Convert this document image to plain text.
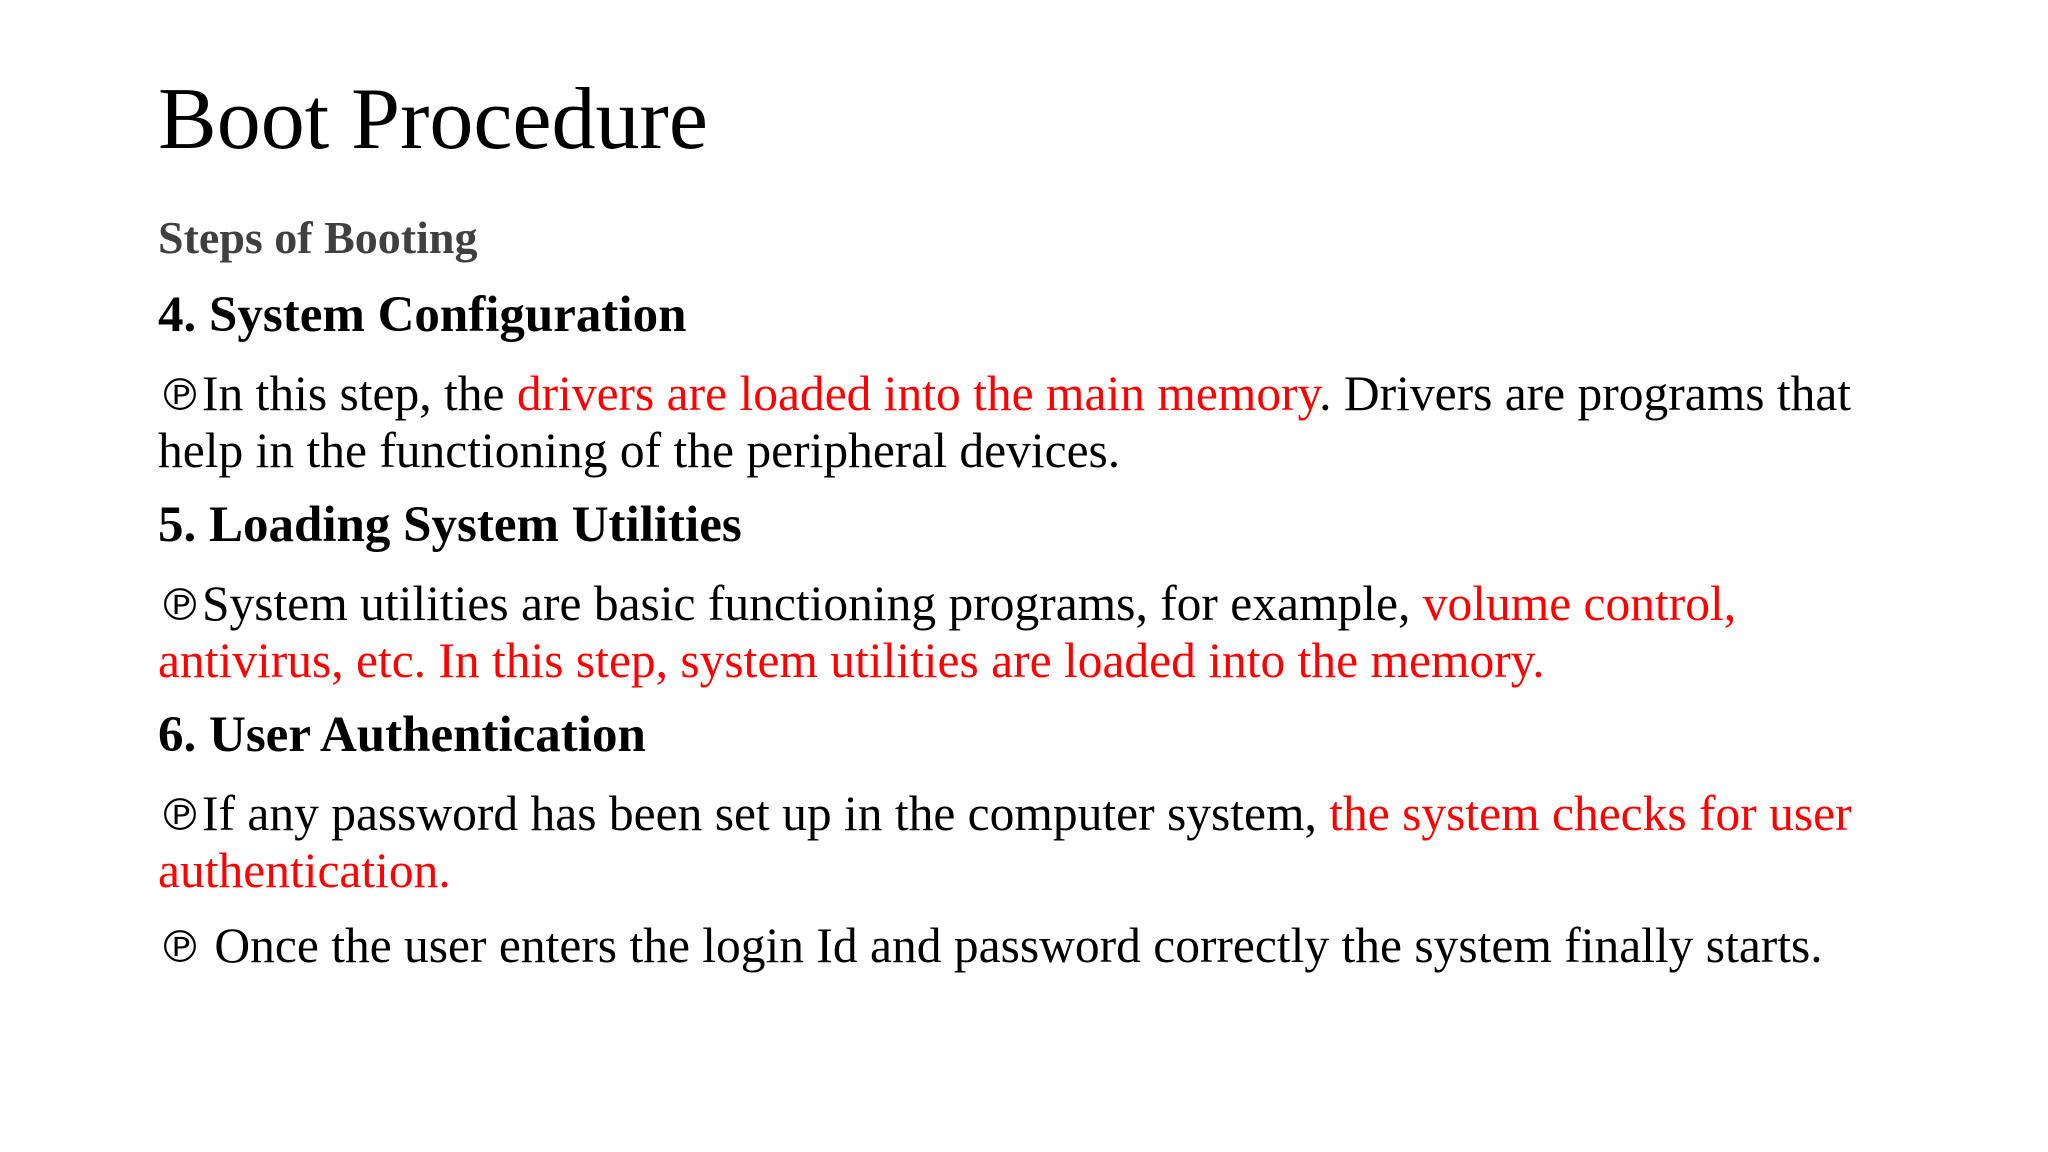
Boot Procedure
Steps of Booting
4. System Configuration

℗In this step, the drivers are loaded into the main memory. Drivers are programs that help in the functioning of the peripheral devices.

5. Loading System Utilities

℗System utilities are basic functioning programs, for example, volume control, antivirus, etc. In this step, system utilities are loaded into the memory.

6. User Authentication

℗If any password has been set up in the computer system, the system checks for user authentication.

℗ Once the user enters the login Id and password correctly the system finally starts.
